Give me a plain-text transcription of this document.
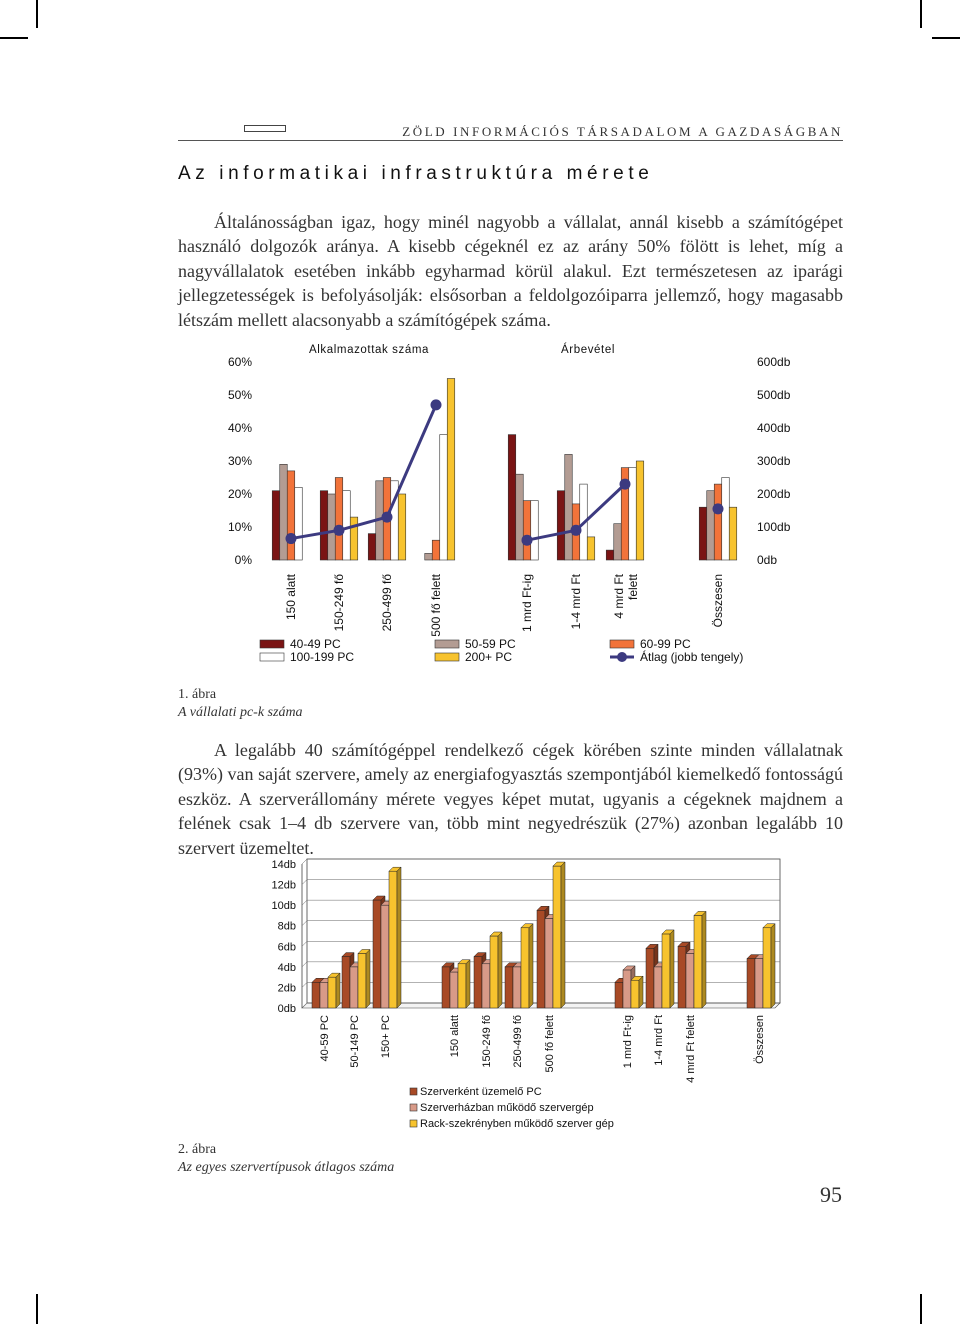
ZÖLD INFORMÁCIÓS TÁRSADALOM A GAZDASÁGBAN
Az informatikai infrastruktúra mérete

Általánosságban igaz, hogy minél nagyobb a vállalat, annál kisebb a számítógépet használó dolgozók aránya. A kisebb cégeknél ez az arány 50% fölött is lehet, míg a nagyvállalatok esetében inkább egyharmad körül alakul. Ezt természetesen az iparági jellegzetességek is befolyásolják: elsősorban a feldolgozóiparra jellemző, hogy magasabb létszám mellett alacsonyabb a számítógépek száma.

0%
10%
20%
30%
40%
50%
60%
0db
100db
200db
300db
400db
500db
600db
Alkalmazottak száma	Árbevétel
150 alatt	150-249 fő	250-499 fő	500 fő felett	1 mrd Ft-ig	1-4 mrd Ft 4 mrd Ftfelett	Összesen
40-49 PC	50-59 PC	60-99 PC
100-199 PC	200+ PC	Átlag (jobb tengely)
1. ábra
A vállalati pc-k száma

A legalább 40 számítógéppel rendelkező cégek körében szinte minden vállalatnak (93%) van saját szervere, amely az energiafogyasztás szempontjából kiemelkedő fontosságú eszköz. A szerverállomány mérete vegyes képet mutat, ugyanis a cégeknek majdnem a felének csak 1–4 db szervere van, több mint negyedrészük (27%) azonban legalább 10 szervert üzemeltet.

0db
2db
4db
6db
8db
10db
12db
14db
40-59 PC 50-149 PC 150+ PC	150 alatt 150-249 fő 250-499 fő 500 fő felett	1 mrd Ft-ig 1-4 mrd Ft 4 mrd Ft felett	Összesen
Szerverként üzemelő PC
Szerverházban működő szervergép
Rack-szekrényben működő szerver gép
2. ábra
Az egyes szervertípusok átlagos száma
95
